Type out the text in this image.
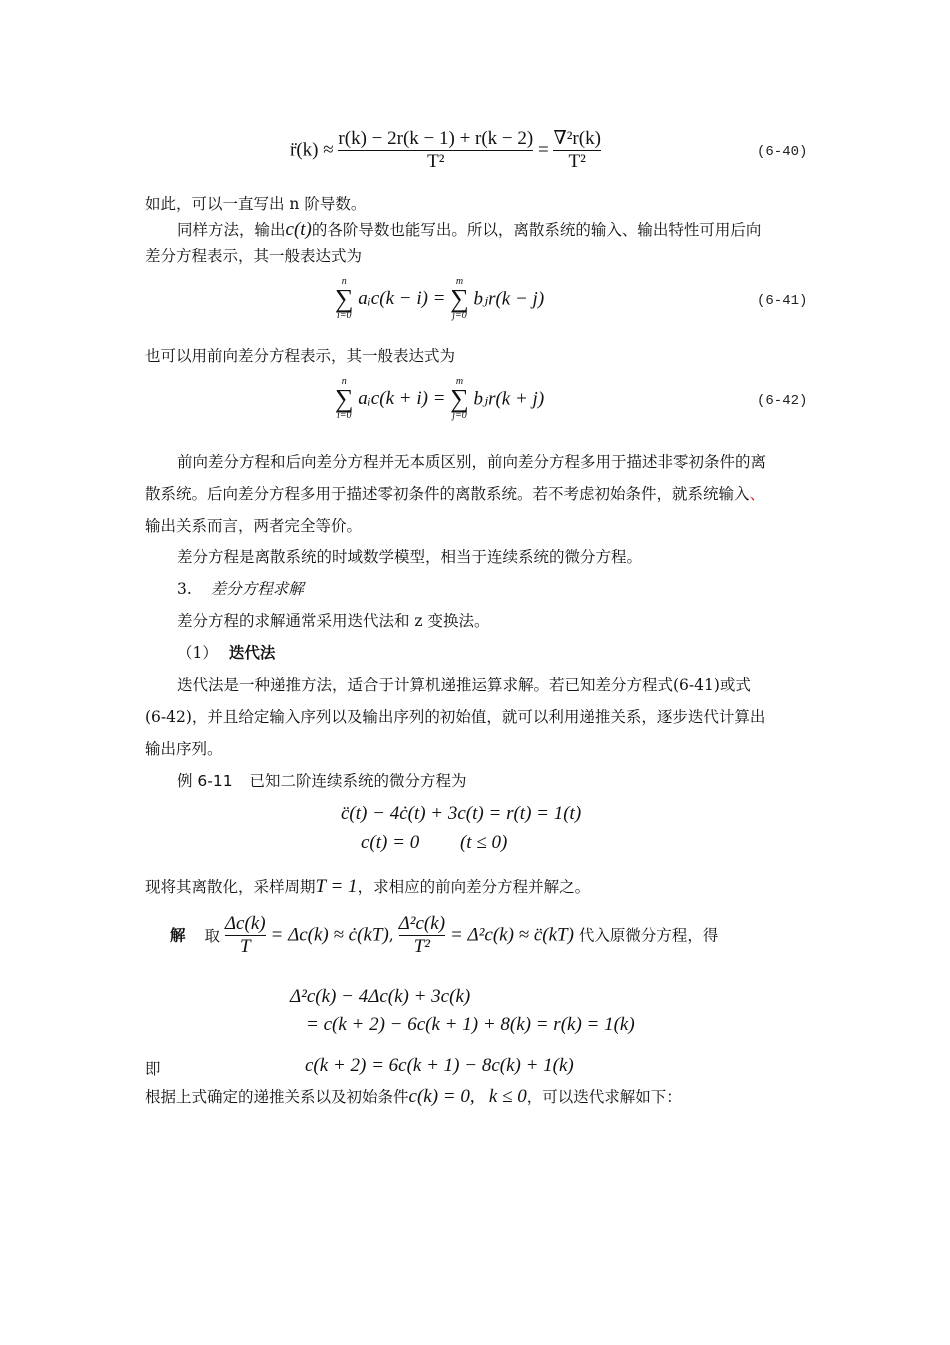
r̈(k) ≈ $\frac{r(k) - 2r(k - 1) + r(k - 2)}{\text{T²}} = \frac{\text{∇²r(k)}}{\text{T²}}$	(6-40)
如此，可以一直写出 n 阶导数。
同样方法，输出c(t)的各阶导数也能写出。所以，离散系统的输入、输出特性可用后向
差分方程表示，其一般表达式为
n
∑
i=0
aᵢc(k − i) =
m
∑
j=0
bⱼr(k − j)	(6-41)
也可以用前向差分方程表示，其一般表达式为
n
∑
i=0
aᵢc(k + i) =
m
∑
j=0
bⱼr(k + j)	(6-42)
前向差分方程和后向差分方程并无本质区别，前向差分方程多用于描述非零初条件的离
散系统。后向差分方程多用于描述零初条件的离散系统。若不考虑初始条件，就系统输入、
输出关系而言，两者完全等价。
差分方程是离散系统的时域数学模型，相当于连续系统的微分方程。
3. 差分方程求解
差分方程的求解通常采用迭代法和 z 变换法。
（1） 迭代法
迭代法是一种递推方法，适合于计算机递推运算求解。若已知差分方程式(6-41)或式
(6-42)，并且给定输入序列以及输出序列的初始值，就可以利用递推关系，逐步迭代计算出
输出序列。
例 6-11 已知二阶连续系统的微分方程为
c̈(t) − 4ċ(t) + 3c(t) = r(t) = 1(t)
c(t) = 0 (t ≤ 0)
现将其离散化，采样周期T = 1，求相应的前向差分方程并解之。
解 取 $\frac{\Delta c(k)}{T} = \Delta c(k)$ ≈ ċ(kT), $\frac{\text{Δ²c(k)}}{\text{T²}} = \Delta^2c(k)$ ≈ c̈(kT) 代入原微分方程，得
Δ²c(k) − 4Δc(k) + 3c(k)
= c(k + 2) − 6c(k + 1) + 8(k) = r(k) = 1(k)
即	c(k + 2) = 6c(k + 1) − 8c(k) + 1(k)
根据上式确定的递推关系以及初始条件c(k) = 0,   k ≤ 0，可以迭代求解如下：
